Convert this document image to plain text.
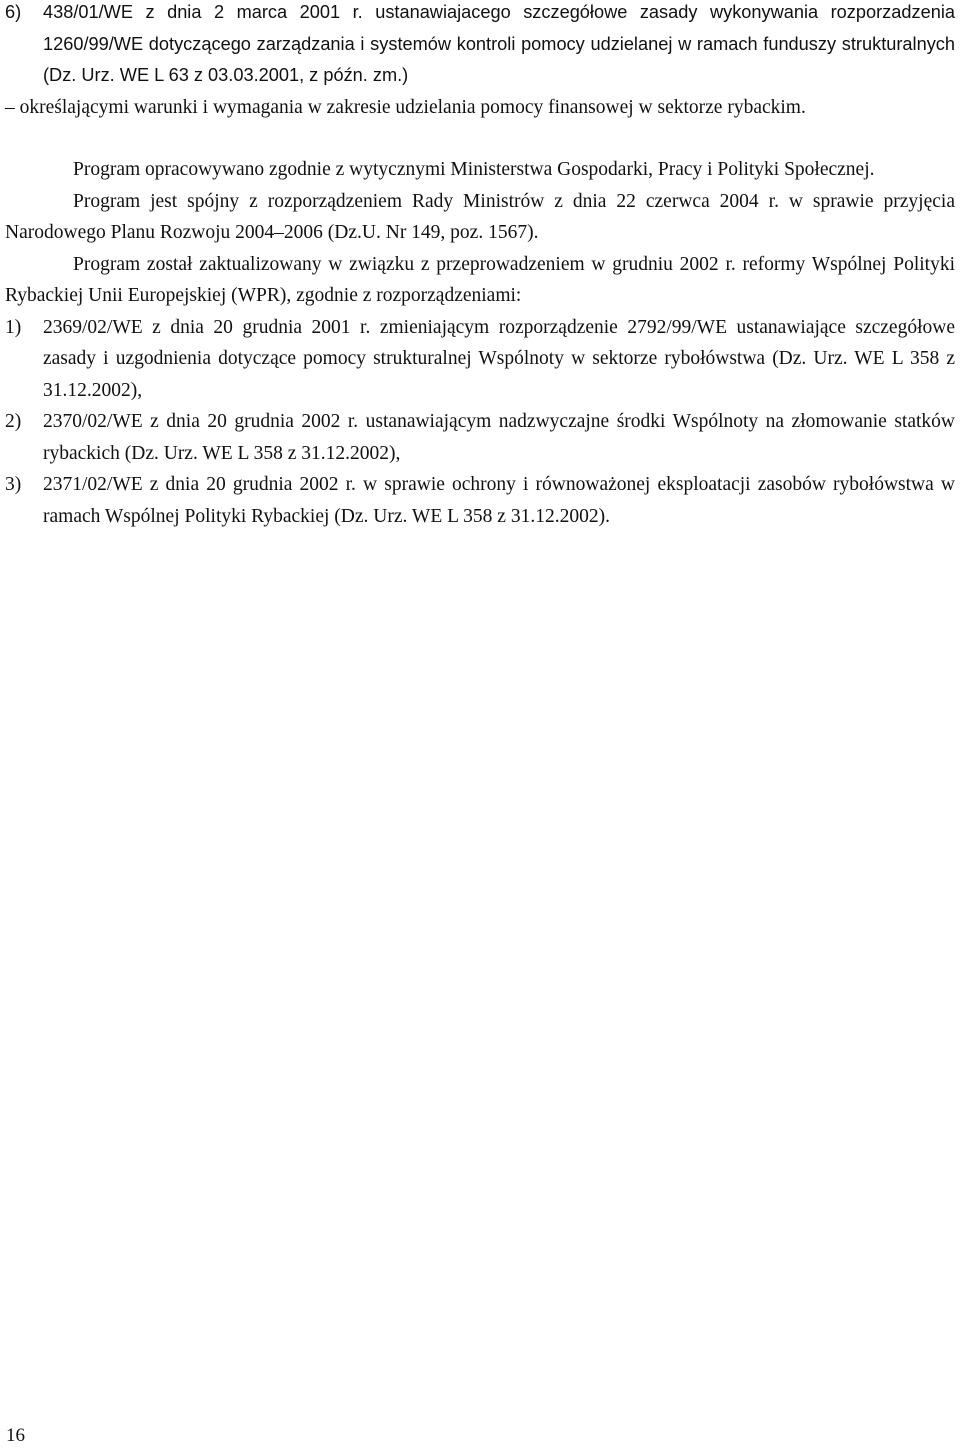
6) 438/01/WE z dnia 2 marca 2001 r. ustanawiajacego szczegółowe zasady wykonywania rozporzadzenia 1260/99/WE dotyczącego zarządzania i systemów kontroli pomocy udzielanej w ramach funduszy strukturalnych (Dz. Urz. WE L 63 z 03.03.2001, z późn. zm.)
– określającymi warunki i wymagania w zakresie udzielania pomocy finansowej w sektorze rybackim.
Program opracowywano zgodnie z wytycznymi Ministerstwa Gospodarki, Pracy i Polityki Społecznej.
Program jest spójny z rozporządzeniem Rady Ministrów z dnia 22 czerwca 2004 r. w sprawie przyjęcia Narodowego Planu Rozwoju 2004–2006 (Dz.U. Nr 149, poz. 1567).
Program został zaktualizowany w związku z przeprowadzeniem w grudniu 2002 r. reformy Wspólnej Polityki Rybackiej Unii Europejskiej (WPR), zgodnie z rozporządzeniami:
1) 2369/02/WE z dnia 20 grudnia 2001 r. zmieniającym rozporządzenie 2792/99/WE ustanawiające szczegółowe zasady i uzgodnienia dotyczące pomocy strukturalnej Wspólnoty w sektorze rybołówstwa (Dz. Urz. WE L 358 z 31.12.2002),
2) 2370/02/WE z dnia 20 grudnia 2002 r. ustanawiającym nadzwyczajne środki Wspólnoty na złomowanie statków rybackich (Dz. Urz. WE L 358 z 31.12.2002),
3) 2371/02/WE z dnia 20 grudnia 2002 r. w sprawie ochrony i równoważonej eksploatacji zasobów rybołówstwa w ramach Wspólnej Polityki Rybackiej (Dz. Urz. WE L 358 z 31.12.2002).
16
